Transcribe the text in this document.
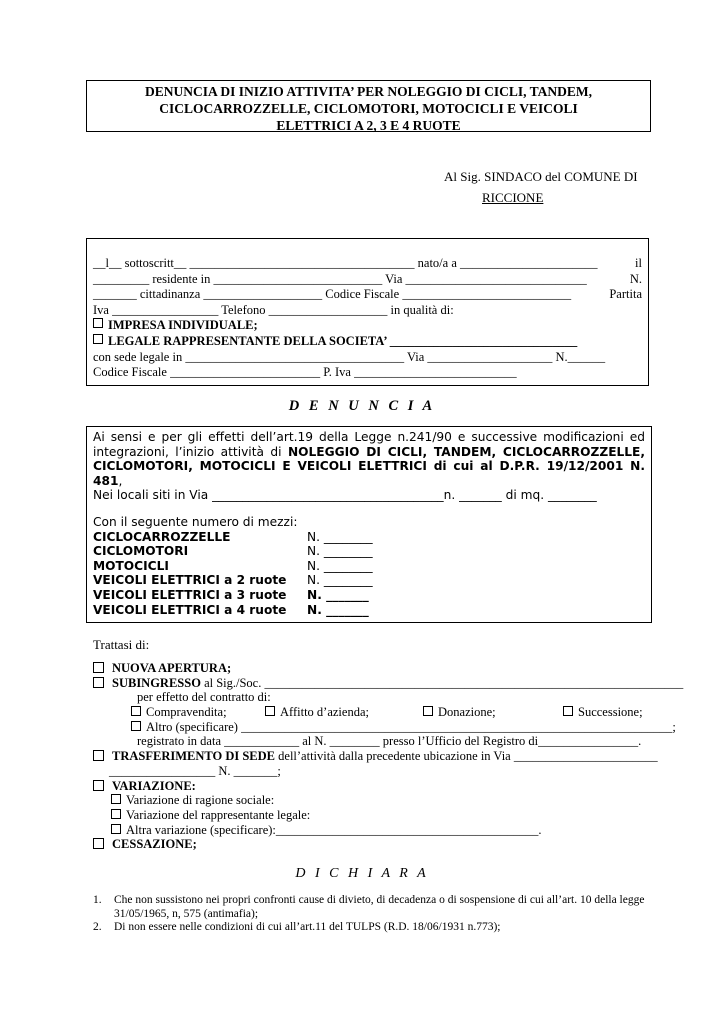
DENUNCIA DI INIZIO ATTIVITA’ PER NOLEGGIO DI CICLI, TANDEM,
CICLOCARROZZELLE, CICLOMOTORI, MOTOCICLI E VEICOLI
ELETTRICI A 2, 3 E 4 RUOTE
Al Sig. SINDACO del COMUNE DI
RICCIONE
__l__ sottoscritt__ ____________________________________ nato/a a ______________________	il
_________ residente in ___________________________ Via _____________________________	N.
_______ cittadinanza ___________________ Codice Fiscale ___________________________	Partita
Iva _________________ Telefono ___________________ in qualità di:
IMPRESA INDIVIDUALE;
LEGALE RAPPRESENTANTE DELLA SOCIETA’ ______________________________
con sede legale in ___________________________________ Via ____________________ N.______
Codice Fiscale ________________________ P. Iva __________________________
D E N U N C I A
Ai sensi e per gli effetti dell’art.19 della Legge n.241/90 e successive modificazioni ed integrazioni, l’inizio attività di NOLEGGIO DI CICLI, TANDEM, CICLOCARROZZELLE, CICLOMOTORI, MOTOCICLI E VEICOLI ELETTRICI di cui al D.P.R. 19/12/2001 N. 481,
Nei locali siti in Via ______________________________________n. _______ di mq. ________
Con il seguente numero di mezzi:
CICLOCARROZZELLE	N. ________
CICLOMOTORI	N. ________
MOTOCICLI	N. ________
VEICOLI ELETTRICI a 2 ruote	N. ________
VEICOLI ELETTRICI a 3 ruote	N. _______
VEICOLI ELETTRICI a 4 ruote	N. _______
Trattasi di:
NUOVA APERTURA;
SUBINGRESSO al Sig./Soc. ___________________________________________________________________
per effetto del contratto di:
Compravendita;	Affitto d’azienda;	Donazione;	Successione;
Altro (specificare) _____________________________________________________________________;
registrato in data ____________ al N. ________ presso l’Ufficio del Registro di________________.
TRASFERIMENTO DI SEDE dell’attività dalla precedente ubicazione in Via _______________________
_________________ N. _______;
VARIAZIONE:
Variazione di ragione sociale:
Variazione del rappresentante legale:
Altra variazione (specificare):__________________________________________.
CESSAZIONE;
D I C H I A R A
1.	Che non sussistono nei propri confronti cause di divieto, di decadenza o di sospensione di cui all’art. 10 della legge 31/05/1965, n, 575 (antimafia);
2.	Di non essere nelle condizioni di cui all’art.11 del TULPS (R.D. 18/06/1931 n.773);
